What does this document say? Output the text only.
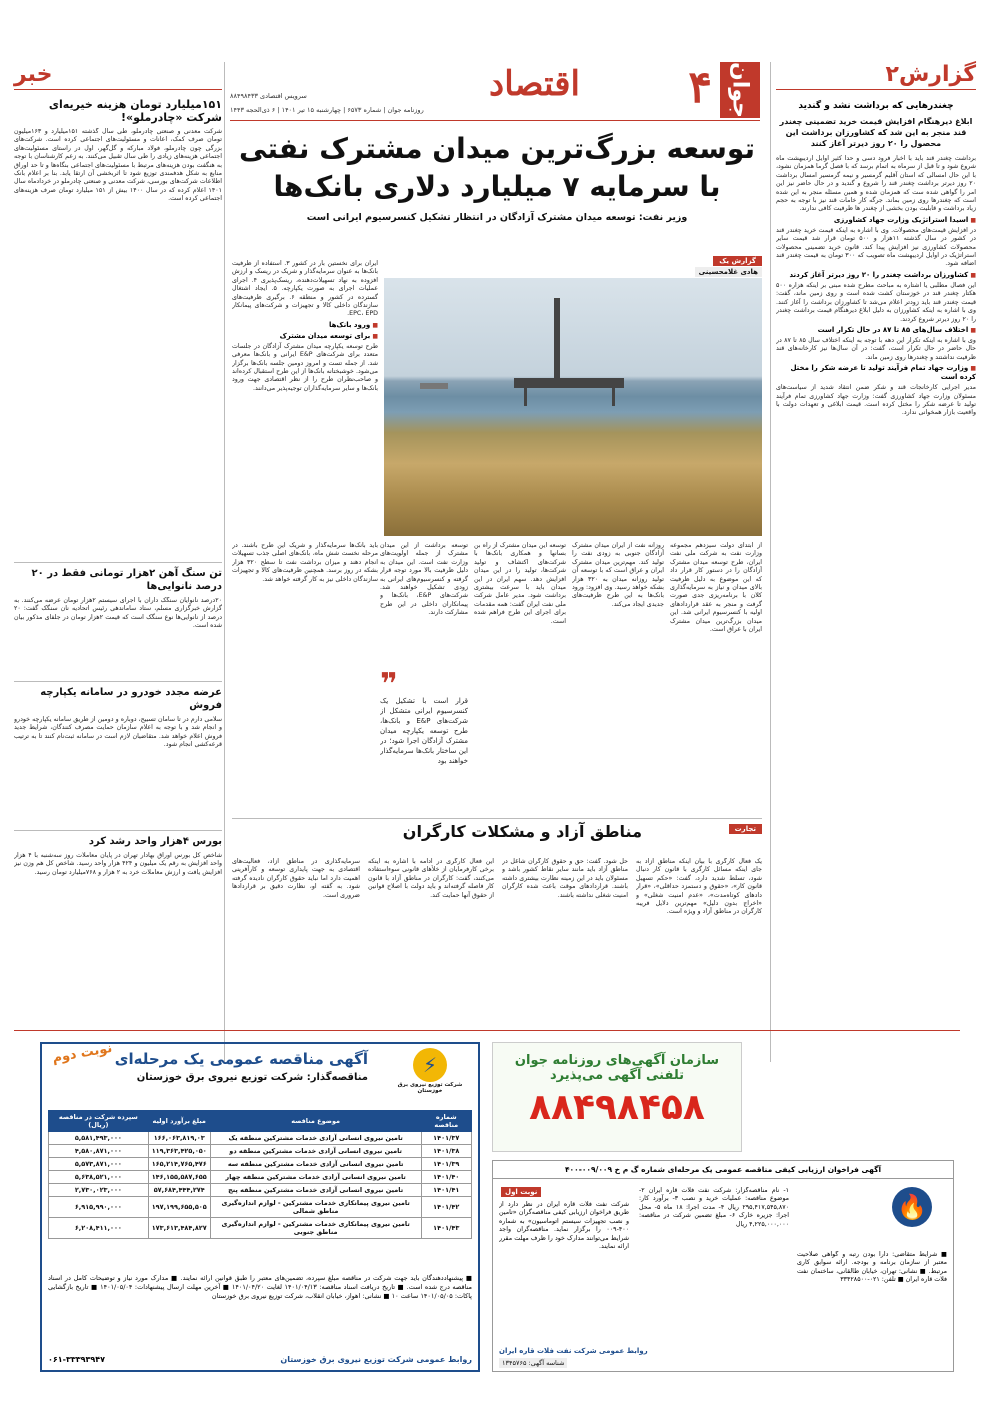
جوان
۴
اقتصاد
روزنامه جوان | شماره ۶۵۷۳ | چهارشنبه ۱۵ تیر ۱۴۰۱ | ۶ ذی‌الحجه ۱۴۴۳
سرویس اقتصادی ۸۸۴۹۸۴۳۳
گزارش۲
چغندرهایی که برداشت نشد و گندید
ابلاغ دیرهنگام افزایش قیمت خرید تضمینی چغندر قند منجر به این شد که کشاورزان برداشت این محصول را ۲۰ روز دیرتر آغاز کنند
برداشت چغندر قند باید با اخبار فرود دسی و حدا کثیر اوایل اردیبهشت ماه شروع شود و تا قبل از سرماه به اتمام برسد که با فصل گرما همزمان نشود، با این حال امسالی که استان آقلیم گرمسیر و نیمه گرمسیر امسال برداشت ۲۰ روز دیرتر برداشت چغندر قند را شروع و گندید و در حال حاضر نیز این امر را گواهی شده ست که همزمان شده و همین مسئله منجر به این شده است که چغندرها روی زمین بماند. جرگه کار خامات قند نیز با توجه به حجم زیاد برداشت و قابلیت بودن بخشی از چغندر ها ظرفیت کافی ندارند.
■ اسیدا استراتژیک وزارت جهاد کشاورزی
در افزایش قیمت‌های محصولات. وی با اشاره به اینکه قیمت خرید چغندر قند در کشور در سال گذشته ۱۱هزار و ۵۰۰ تومان قرار شد قیمت سایر محصولات کشاورزی نیز افزایش پیدا کند. قانون خرید تضمینی محصولات استراتژیک در اوایل اردیبهشت ماه تصویب که ۳۰۰ تومان به قیمت چغندر قند اضافه شود.
■ کشاورزان برداشت چغندر را ۲۰ روز دیرتر آغاز کردند
این فصال مطلبی یا اشتاره به مباحث مطرح شده مبنی بر اینکه هزاره ۵۰۰ هکتار چغندر قند در خوزستان کشت شده است و روی زمین ماند، گفت: قیمت چغندر قند باید زودتر اعلام می‌شد تا کشاورزان برداشت را آغاز کنند. وی با اشاره به اینکه کشاورزان به دلیل ابلاغ دیرهنگام قیمت برداشت چغندر را ۲۰ روز دیرتر شروع کردند.
■ اختلاف سال‌های ۸۵ تا ۸۷ در حال تکرار است
وی با اشاره به اینکه تکرار این دهه با توجه به اینکه اختلاف سال ۸۵ تا ۸۷ در حال حاضر در حال تکرار است، گفت: در آن سال‌ها نیز کارخانه‌های قند ظرفیت نداشتند و چغندرها روی زمین ماند.
■ وزارت جهاد تمام فرآیند تولید تا عرضه شکر را مختل کرده است
مدیر اجرایی کارخانجات قند و شکر ضمن انتقاد شدید از سیاست‌های مسئولان وزارت جهاد کشاورزی گفت: وزارت جهاد کشاورزی تمام فرآیند تولید تا عرضه شکر را مختل کرده است. قیمت ابلاغی و تعهدات دولت با واقعیت بازار همخوانی ندارد.
خبر
۱۵۱میلیارد تومان هزینه خیریه‌ای شرکت «چادرملو»!
شرکت معدنی و صنعتی چادرملو، طی سال گذشته ۱۵۱میلیارد و ۱۶۳میلیون تومان صرف کمک، اعانات و مسئولیت‌های اجتماعی کرده است. شرکت‌های بزرگی چون چادرملو، فولاد مبارکه و گل‌گهر، اول در راستای مسئولیت‌های اجتماعی هزینه‌های زیادی را طی سال تقبیل می‌کنند. به زعم کارشناسان با توجه به هنگفت بودن هزینه‌های مرتبط با مسئولیت‌های اجتماعی بنگاه‌ها و تا حد اوراق منابع به شکل هدفمندی توزیع شود تا اثربخشی آن ارتقا یابد. بنا بر اعلام بانک اطلاعات شرکت‌های بورسی، شرکت معدنی و صنعتی چادرملو در خردادماه سال ۱۴۰۱ اعلام کرده که در سال ۱۴۰۰ بیش از ۱۵۱ میلیارد تومان صرف هزینه‌های اجتماعی کرده است.
تن سنگ آهن ۲هزار تومانی فقط در ۲۰ درصد نانوایی‌ها
۲۰درصد نانوایان سنگک داران با اجرای سیستم ۲هزار تومان عرضه می‌کنند. به گزارش خبرگزاری مسلم، ستاد ساماندهی رئیس اتحادیه نان سنگک گفت: ۲۰ درصد از نانوایی‌ها نوع سنگک است که قیمت ۲هزار تومان در جلفای مذکور بیان شده است.
عرضه مجدد خودرو در سامانه یکپارچه فروش
سلامی دارم در تا سامان تسبیح، دوباره و دومین از طریق سامانه یکپارچه خودرو و انجام شد و با توجه به اعلام سازمان حمایت مصرف کنندگان، شرایط جدید فروش اعلام خواهد شد. متقاضیان لازم است در سامانه ثبت‌نام کنند تا به ترتیب قرعه‌کشی انجام شود.
بورس ۴هزار واحد رشد کرد
شاخص کل بورس اوراق بهادار تهران در پایان معاملات روز سه‌شنبه با ۴ هزار واحد افزایش به رقم یک میلیون و ۴۲۴ هزار واحد رسید. شاخص کل هم وزن نیز افزایش یافت و ارزش معاملات خرد به ۲ هزار و ۷۶۸میلیارد تومان رسید.
توسعه بزرگ‌ترین میدان مشترک نفتی
با سرمایه ۷ میلیارد دلاری بانک‌ها
وزیر نفت: توسعه میدان مشترک آزادگان در انتظار تشکیل کنسرسیوم ایرانی است
گزارش یک
هادی غلامحسینی
ایران برای نخستین بار در کشور ۳. استفاده از ظرفیت بانک‌ها به عنوان سرمایه‌گذار و شریک در ریسک و ارزش افزوده به نهاد تسهیلات‌دهنده، ریسک‌پذیری ۴. اجرای عملیات اجرای به صورت یکپارچه. ۵. ایجاد اشتغال گسترده در کشور و منطقه ۶. برگیری ظرفیت‌های سازندگان داخلی کالا و تجهیزات و شرکت‌های پیمانکار EPC، EPD.
■ ورود بانک‌ها
■ برای توسعه میدان مشترک
طرح توسعه یکپارچه میدان مشترک آزادگان در جلسات متعدد برای شرکت‌های E&P ایرانی و بانک‌ها معرفی شد. از جمله تست و امروز دومین جلسه بانک‌ها برگزار می‌شود. خوشبختانه بانک‌ها از این طرح استقبال کرده‌اند و صاحب‌نظران طرح را از نظر اقتصادی جهت ورود بانک‌ها و سایر سرمایه‌گذاران توجیه‌پذیر می‌دانند.
از ابتدای دولت سیزدهم مجموعه وزارت نفت به شرکت ملی نفت ایران، طرح توسعه میدان مشترک آزادگان را در دستور کار قرار داد که این موضوع به دلیل ظرفیت بالای میدان و نیاز به سرمایه‌گذاری کلان با برنامه‌ریزی جدی صورت گرفت و منجر به عقد قراردادهای اولیه با کنسرسیوم ایرانی شد. این میدان بزرگ‌ترین میدان مشترک ایران با عراق است.
روزانه نفت از ایران میدان مشترک آزادگان جنوبی به زودی نفت را تولید کند. مهم‌ترین میدان مشترک ایران و عراق است که با توسعه آن تولید روزانه میدان به ۳۲۰ هزار بشکه خواهد رسید. وی افزود: ورود بانک‌ها به این طرح ظرفیت‌های جدیدی ایجاد می‌کند.
توسعه این میدان مشترک از راه بن بسانها و همکاری بانک‌ها با شرکت‌های اکتشاف و تولید شرکت‌ها، تولید را در این میدان افزایش دهد. سهم ایران در این میدان باید با سرعت بیشتری برداشت شود. مدیر عامل شرکت ملی نفت ایران گفت: همه مقدمات برای اجرای این طرح فراهم شده است.
توسعه برداشت از این میدان مشترک از جمله اولویت‌های وزارت نفت است. این میدان به دلیل ظرفیت بالا مورد توجه قرار گرفته و کنسرسیوم‌های ایرانی به زودی تشکیل خواهند شد. شرکت‌های E&P، بانک‌ها و پیمانکاران داخلی در این طرح مشارکت دارند.
❞
قرار است با تشکیل یک کنسرسیوم ایرانی متشکل از شرکت‌های E&P و بانک‌ها، طرح توسعه یکپارچه میدان مشترک آزادگان اجرا شود؛ در این ساختار بانک‌ها سرمایه‌گذار خواهند بود
باید بانک‌ها سرمایه‌گذار و شریک این طرح باشند. در مرحله نخست شش ماه، بانک‌های اصلی جذب تسهیلات انجام دهند و میزان برداشت نفت تا سطح ۳۲۰ هزار بشکه در روز برسد. همچنین ظرفیت‌های کالا و تجهیزات سازندگان داخلی نیز به کار گرفته خواهد شد.
تجارت
مناطق آزاد و مشکلات کارگران
یک فعال کارگری با بیان اینکه مناطق آزاد به جای اینکه مسائل کارگری با قانون کار دنبال شود، تسلط شدید دارد، گفت: «حکم تسهیل قانون کار»، «حقوق و دستمزد حداقلی»، «قرار دادهای کوتاه‌مدت»، «عدم امنیت شغلی» و «اخراج بدون دلیل» مهم‌ترین دلایل فریبه کارگران در مناطق آزاد و ویژه است.
حل شود. گفت: حق و حقوق کارگران شاغل در مناطق آزاد باید مانند سایر نقاط کشور باشد و مسئولان باید در این زمینه نظارت بیشتری داشته باشند. قراردادهای موقت باعث شده کارگران امنیت شغلی نداشته باشند.
این فعال کارگری در ادامه با اشاره به اینکه برخی کارفرمایان از خلأهای قانونی سوءاستفاده می‌کنند، گفت: کارگران در مناطق آزاد با قانون کار فاصله گرفته‌اند و باید دولت با اصلاح قوانین از حقوق آنها حمایت کند.
سرمایه‌گذاری در مناطق آزاد، فعالیت‌های اقتصادی به جهت پایداری توسعه و کارآفرینی اهمیت دارد اما نباید حقوق کارگران نادیده گرفته شود. به گفته او، نظارت دقیق بر قراردادها ضروری است.
نوبت دوم آگهی مناقصه عمومی یک مرحله‌ای
مناقصه‌گذار: شرکت توزیع نیروی برق خوزستان
⚡
شرکت توزیع نیروی برق خوزستان
شماره مناقصه	موضوع مناقصه	مبلغ برآورد اولیه	سپرده شرکت در مناقصه (ریال)
۱۴۰۱/۳۷	تامین نیروی انسانی آزادی خدمات مشترکین منطقه یک	۱۶۶,۰۶۳,۸۱۹,۰۳	۵,۵۸۱,۴۹۳,۰۰۰
۱۴۰۱/۳۸	تامین نیروی انسانی آزادی خدمات مشترکین منطقه دو	۱۱۹,۳۶۳,۴۲۵,۰۵۰	۴,۵۸۰,۸۷۱,۰۰۰
۱۴۰۱/۳۹	تامین نیروی انسانی آزادی خدمات مشترکین منطقه سه	۱۶۵,۲۱۴,۷۶۵,۴۷۶	۵,۵۷۳,۸۷۱,۰۰۰
۱۴۰۱/۴۰	تامین نیروی انسانی آزادی خدمات مشترکین منطقه چهار	۱۴۶,۱۵۵,۵۸۷,۶۵۵	۵,۶۳۸,۵۲۱,۰۰۰
۱۴۰۱/۴۱	تامین نیروی انسانی آزادی خدمات مشترکین منطقه پنج	۵۷,۶۸۴,۴۴۴,۲۷۴	۲,۷۳۰,۰۲۳,۰۰۰
۱۴۰۱/۴۲	تامین نیروی پیمانکاری خدمات مشترکین - لوازم اندازه‌گیری مناطق شمالی	۱۹۷,۱۹۹,۶۵۵,۵۰۵	۶,۹۱۵,۹۹۰,۰۰۰
۱۴۰۱/۴۳	تامین نیروی پیمانکاری خدمات مشترکین - لوازم اندازه‌گیری مناطق جنوبی	۱۷۳,۶۱۳,۴۸۴,۸۲۷	۶,۲۰۸,۴۱۱,۰۰۰
■ پیشنهاددهندگان باید جهت شرکت در مناقصه مبلغ سپرده، تضمین‌های معتبر را طبق قوانین ارائه نمایند. ■ مدارک مورد نیاز و توضیحات کامل در اسناد مناقصه درج شده است. ■ تاریخ دریافت اسناد مناقصه: ۱۴۰۱/۰۴/۱۳ لغایت ۱۴۰۱/۰۴/۲۰ ■ آخرین مهلت ارسال پیشنهادات: ۱۴۰۱/۰۵/۰۴ ■ تاریخ بازگشایی پاکات: ۱۴۰۱/۰۵/۰۵ ساعت ۱۰ ■ نشانی: اهواز، خیابان انقلاب، شرکت توزیع نیروی برق خوزستان
روابط عمومی شرکت توزیع نیروی برق خوزستان
۰۶۱-۳۳۳۹۳۹۴۷
سازمان آگهی‌های روزنامه جوان
تلفنی آگهی می‌پذیرد
۸۸۴۹۸۴۵۸
آگهی فراخوان ارزیابی کیفی مناقصه عمومی یک مرحله‌ای شماره گ م خ ۰۰۹/۰۰۹-۴۰۰
🔥
■ شرایط متقاضی: دارا بودن رتبه و گواهی صلاحیت معتبر از سازمان برنامه و بودجه. ارائه سوابق کاری مرتبط. ■ نشانی: تهران، خیابان طالقانی، ساختمان نفت فلات قاره ایران ■ تلفن: ۰۲۱-۳۳۴۲۸۵۰۰
۱- نام مناقصه‌گزار: شرکت نفت فلات قاره ایران ۲- موضوع مناقصه: عملیات خرید و نصب ۳- برآورد کار: ۲۹۵,۴۱۷,۵۴۵,۸۷۰ ریال ۴- مدت اجرا: ۱۸ ماه ۵- محل اجرا: جزیره خارک ۶- مبلغ تضمین شرکت در مناقصه: ۴,۲۲۵,۰۰۰,۰۰۰ ریال
نوبت اول
شرکت نفت فلات قاره ایران در نظر دارد از طریق فراخوان ارزیابی کیفی مناقصه‌گران «تامین و نصب تجهیزات سیستم اتوماسیون» به شماره ۴۰۰-۰۰۹ را برگزار نماید. مناقصه‌گران واجد شرایط می‌توانند مدارک خود را ظرف مهلت مقرر ارائه نمایند.
روابط عمومی شرکت نفت فلات قاره ایران
شناسه آگهی: ۱۳۴۵۷۶۵
